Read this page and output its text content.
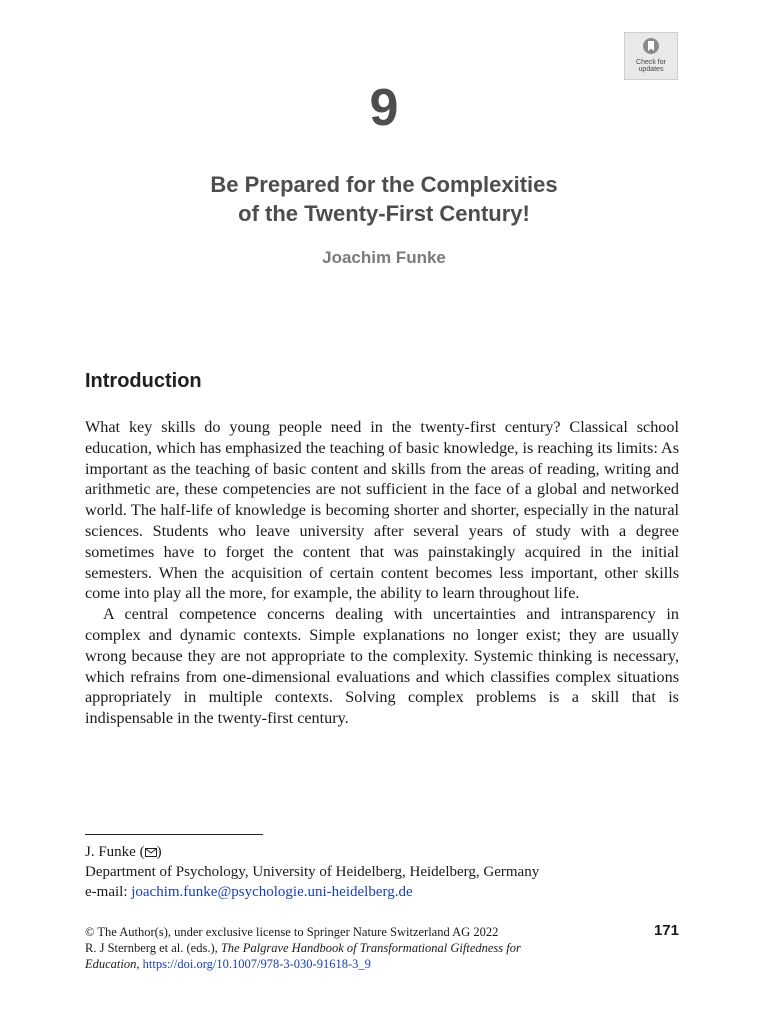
Check for
updates
9
Be Prepared for the Complexities
of the Twenty-First Century!
Joachim Funke
Introduction

What key skills do young people need in the twenty-first century? Classical school education, which has emphasized the teaching of basic knowledge, is reaching its limits: As important as the teaching of basic content and skills from the areas of reading, writing and arithmetic are, these competencies are not sufficient in the face of a global and networked world. The half-life of knowledge is becoming shorter and shorter, especially in the natural sciences. Students who leave university after several years of study with a degree sometimes have to forget the content that was painstakingly acquired in the initial semesters. When the acquisition of certain content becomes less important, other skills come into play all the more, for example, the ability to learn throughout life.

A central competence concerns dealing with uncertainties and intransparency in complex and dynamic contexts. Simple explanations no longer exist; they are usually wrong because they are not appropriate to the complexity. Systemic thinking is necessary, which refrains from one-dimensional evaluations and which classifies complex situations appropriately in multiple contexts. Solving complex problems is a skill that is indispensable in the twenty-first century.

J. Funke ( )
Department of Psychology, University of Heidelberg, Heidelberg, Germany
e-mail: joachim.funke@psychologie.uni-heidelberg.de
© The Author(s), under exclusive license to Springer Nature Switzerland AG 2022
R. J Sternberg et al. (eds.), The Palgrave Handbook of Transformational Giftedness for
Education, https://doi.org/10.1007/978-3-030-91618-3_9
171
